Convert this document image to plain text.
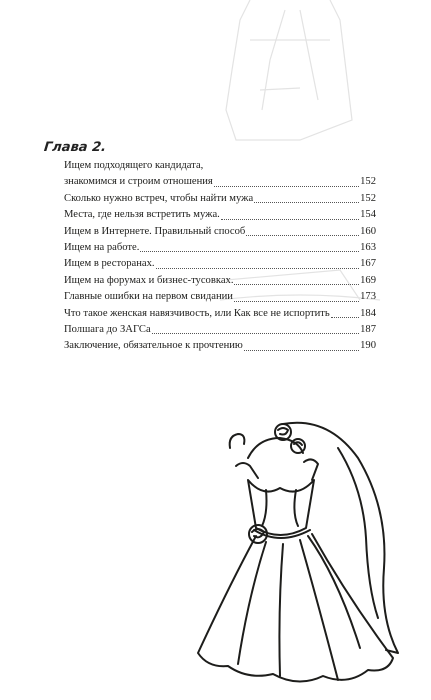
Глава 2.
Ищем подходящего кандидата,
знакомимся и строим отношения	152
Сколько нужно встреч, чтобы найти мужа	152
Места, где нельзя встретить мужа.	154
Ищем в Интернете. Правильный способ	160
Ищем на работе.	163
Ищем в ресторанах.	167
Ищем на форумах и бизнес-тусовках.	169
Главные ошибки на первом свидании	173
Что такое женская навязчивость, или Как все не испортить	184
Полшага до ЗАГСа	187
Заключение, обязательное к прочтению	190
